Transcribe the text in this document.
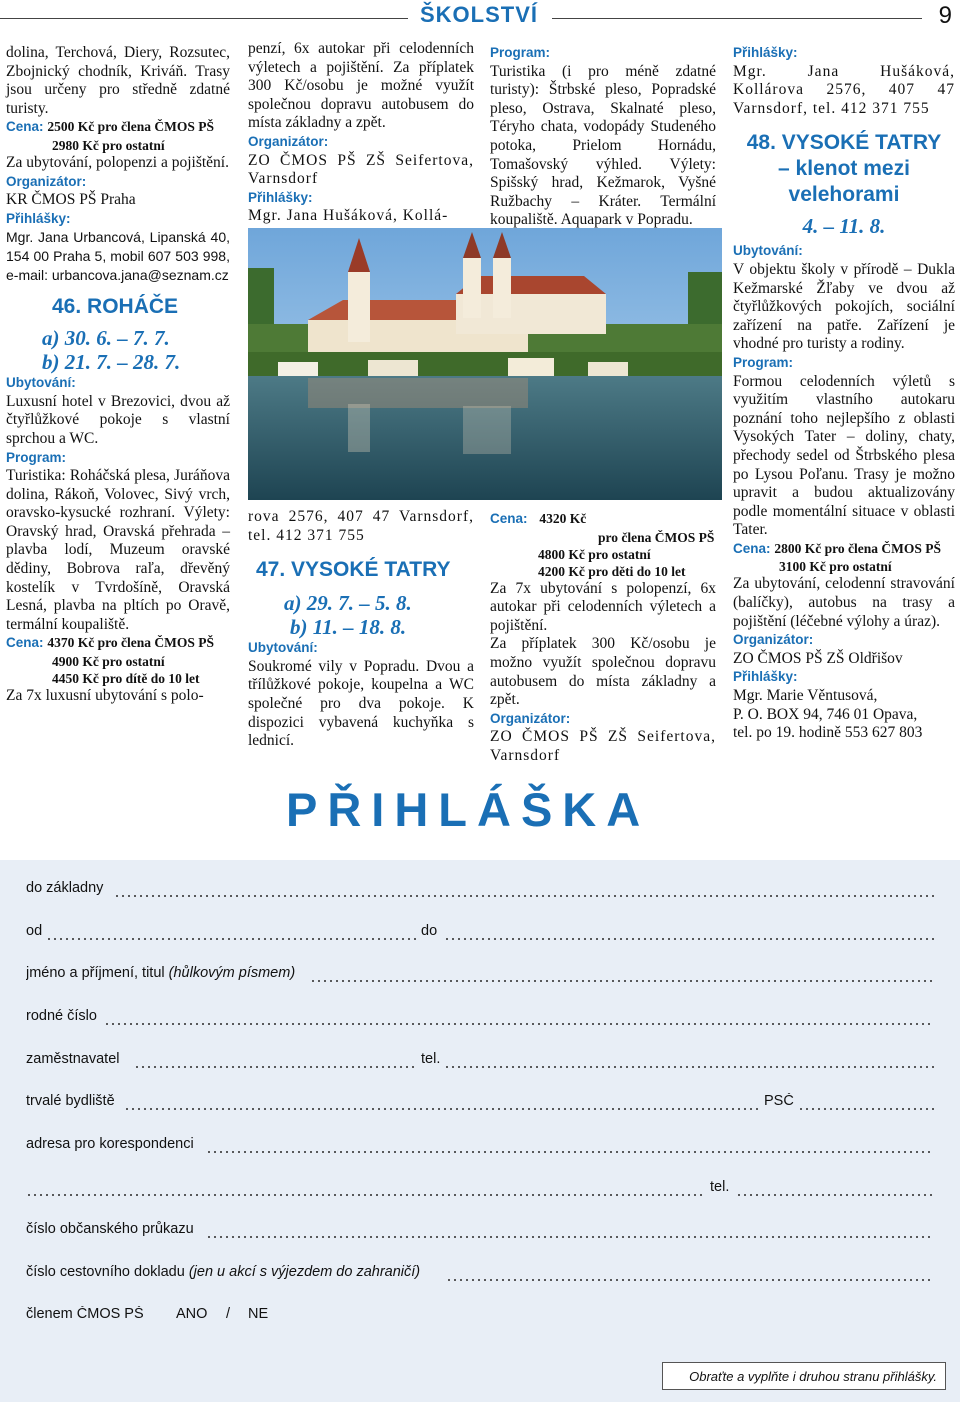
ŠKOLSTVÍ	9

dolina, Terchová, Diery, Rozsutec, Zbojnický chodník, Kriváň. Trasy jsou určeny pro středně zdatné turisty.

Cena: 2500 Kč pro člena ČMOS PŠ

2980 Kč pro ostatní

Za ubytování, polopenzi a pojištění.

Organizátor:

KR ČMOS PŠ Praha

Přihlášky:

Mgr. Jana Urbancová, Lipanská 40, 154 00 Praha 5, mobil 607 503 998, e-mail: urbancova.jana@seznam.cz

46. ROHÁČE

a) 30. 6. – 7. 7.

b) 21. 7. – 28. 7.

Ubytování:

Luxusní hotel v Brezovici, dvou až čtyřlůžkové pokoje s vlastní sprchou a WC.

Program:

Turistika: Roháčská plesa, Juráňova dolina, Rákoň, Volovec, Sivý vrch, oravsko-kysucké rozhraní. Výlety: Oravský hrad, Oravská přehrada – plavba lodí, Muzeum oravské dědiny, Bobrova raľa, dřevěný kostelík v Tvrdošíně, Oravská Lesná, plavba na pltích po Oravě, termální koupaliště.

Cena: 4370 Kč pro člena ČMOS PŠ

4900 Kč pro ostatní

4450 Kč pro dítě do 10 let

Za 7x luxusní ubytování s polo-

penzí, 6x autokar při celodenních výletech a pojištění. Za příplatek 300 Kč/osobu je možné využít společnou dopravu autobusem do místa základny a zpět.

Organizátor:

ZO ČMOS PŠ ZŠ Seifertova, Varnsdorf

Přihlášky:

Mgr. Jana Hušáková, Kollá-

Program:

Turistika (i pro méně zdatné turisty): Štrbské pleso, Popradské pleso, Ostrava, Skalnaté pleso, Téryho chata, vodopády Studeného potoka, Prielom Hornádu, Tomašovský výhled. Výlety: Spišský hrad, Kežmarok, Vyšné Ružbachy – Kráter. Termální koupaliště. Aquapark v Popradu.

rova 2576, 407 47 Varnsdorf, tel. 412 371 755

47. VYSOKÉ TATRY

a) 29. 7. – 5. 8.

b) 11. – 18. 8.

Ubytování:

Soukromé vily v Popradu. Dvou a třílůžkové pokoje, koupelna a WC společné pro dva pokoje. K dispozici vybavená kuchyňka s lednicí.

Cena: 4320 Kč

pro člena ČMOS PŠ

4800 Kč pro ostatní

4200 Kč pro děti do 10 let

Za 7x ubytování s polopenzí, 6x autokar při celodenních výletech a pojištění.

Za příplatek 300 Kč/osobu je možno využít společnou dopravu autobusem do místa základny a zpět.

Organizátor:

ZO ČMOS PŠ ZŠ Seifertova, Varnsdorf

Přihlášky:

Mgr. Jana Hušáková, Kollárova 2576, 407 47 Varnsdorf, tel. 412 371 755

48. VYSOKÉ TATRY

– klenot mezi

velehorami

4. – 11. 8.

Ubytování:

V objektu školy v přírodě – Dukla Kežmarské Žľaby ve dvou až čtyřlůžkových pokojích, sociální zařízení na patře. Zařízení je vhodné pro turisty a rodiny.

Program:

Formou celodenních výletů s využitím vlastního autokaru poznání toho nejlepšího z oblasti Vysokých Tater – doliny, chaty, přechody sedel od Štrbského plesa po Lysou Poľanu. Trasy je možno upravit a budou aktualizovány podle momentální situace v oblasti Tater.

Cena: 2800 Kč pro člena ČMOS PŠ

3100 Kč pro ostatní

Za ubytování, celodenní stravování (balíčky), autobus na trasy a pojištění (léčebné výlohy a úraz).

Organizátor:

ZO ČMOS PŠ ZŠ Oldřišov

Přihlášky:

Mgr. Marie Věntusová,

P. O. BOX 94, 746 01 Opava,

tel. po 19. hodině 553 627 803

PŘIHLÁŠKA
do základny
od	do
jméno a příjmení, titul (hůlkovým písmem)
rodné číslo
zaměstnavatel	tel.
trvalé bydliště	PSČ
adresa pro korespondenci
tel.
číslo občanského průkazu
číslo cestovního dokladu (jen u akcí s výjezdem do zahraničí)
členem ČMOS PŠ ANO / NE
Obraťte a vyplňte i druhou stranu přihlášky.
